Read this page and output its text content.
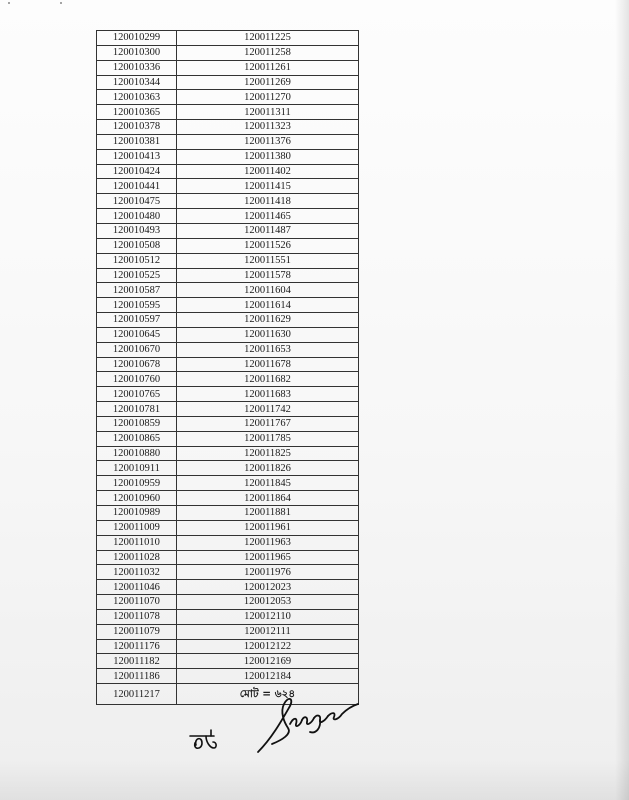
120010299	120011225
120010300	120011258
120010336	120011261
120010344	120011269
120010363	120011270
120010365	120011311
120010378	120011323
120010381	120011376
120010413	120011380
120010424	120011402
120010441	120011415
120010475	120011418
120010480	120011465
120010493	120011487
120010508	120011526
120010512	120011551
120010525	120011578
120010587	120011604
120010595	120011614
120010597	120011629
120010645	120011630
120010670	120011653
120010678	120011678
120010760	120011682
120010765	120011683
120010781	120011742
120010859	120011767
120010865	120011785
120010880	120011825
120010911	120011826
120010959	120011845
120010960	120011864
120010989	120011881
120011009	120011961
120011010	120011963
120011028	120011965
120011032	120011976
120011046	120012023
120011070	120012053
120011078	120012110
120011079	120012111
120011176	120012122
120011182	120012169
120011186	120012184
120011217	মোট = ৬২৪
